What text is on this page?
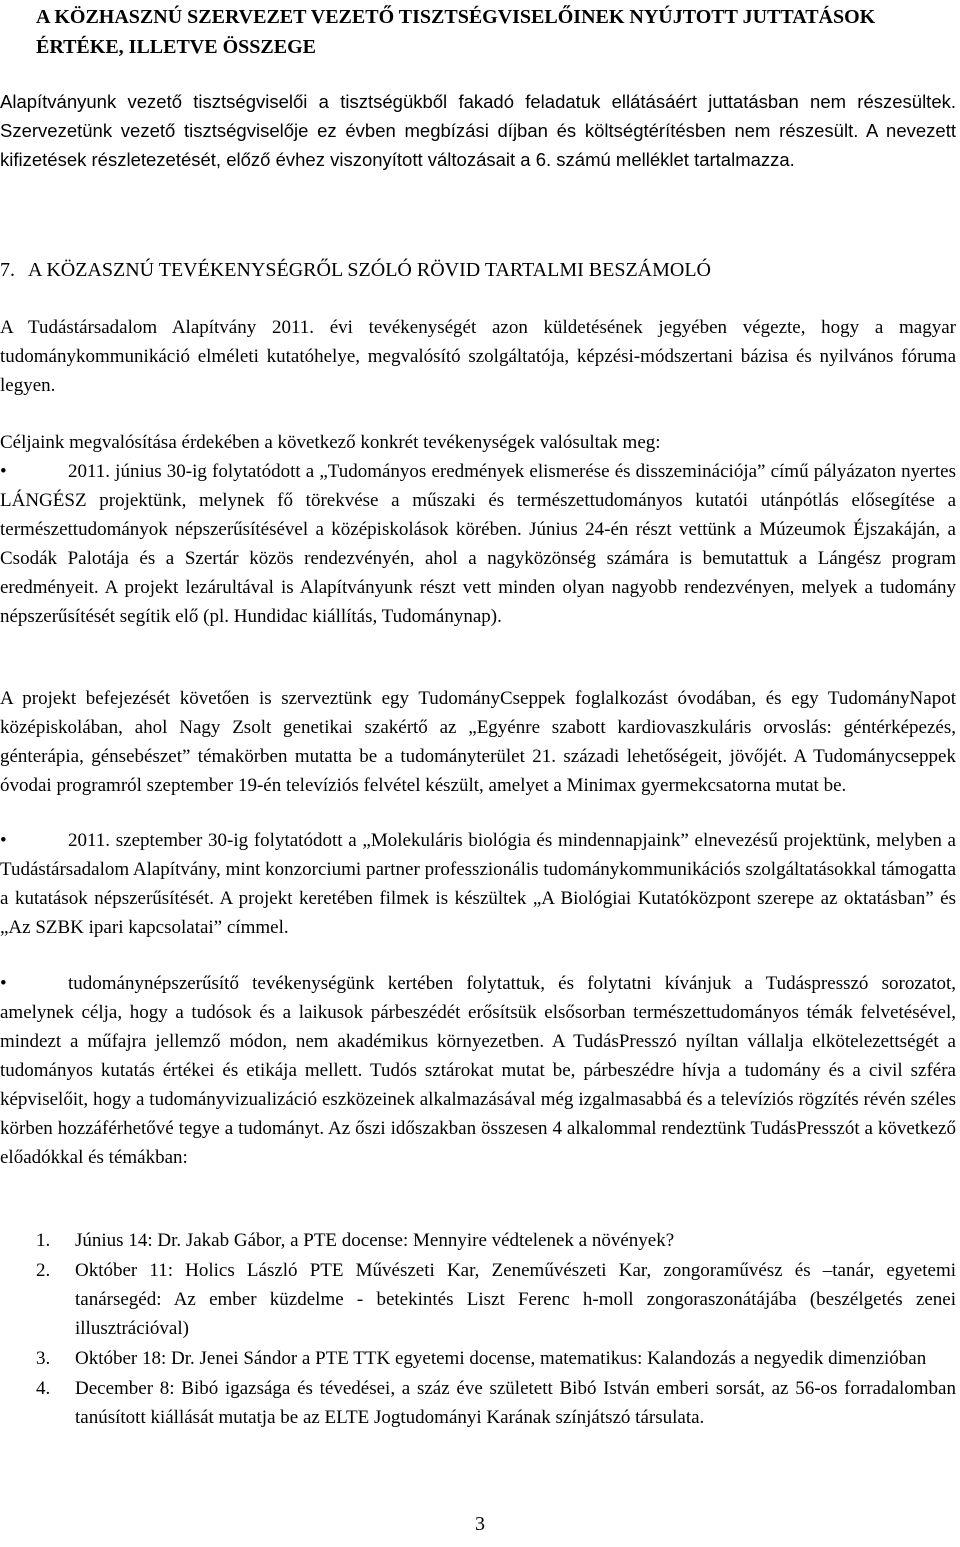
A KÖZHASZNÚ SZERVEZET VEZETŐ TISZTSÉGVISELŐINEK NYÚJTOTT JUTTATÁSOK ÉRTÉKE, ILLETVE ÖSSZEGE

Alapítványunk vezető tisztségviselői a tisztségükből fakadó feladatuk ellátásáért juttatásban nem részesültek. Szervezetünk vezető tisztségviselője ez évben megbízási díjban és költségtérítésben nem részesült. A nevezett kifizetések részletezetését, előző évhez viszonyított változásait a 6. számú melléklet tartalmazza.

7. A KÖZASZNÚ TEVÉKENYSÉGRŐL SZÓLÓ RÖVID TARTALMI BESZÁMOLÓ

A Tudástársadalom Alapítvány 2011. évi tevékenységét azon küldetésének jegyében végezte, hogy a magyar tudománykommunikáció elméleti kutatóhelye, megvalósító szolgáltatója, képzési-módszertani bázisa és nyilvános fóruma legyen.

Céljaink megvalósítása érdekében a következő konkrét tevékenységek valósultak meg:

•	2011. június 30-ig folytatódott a „Tudományos eredmények elismerése és disszeminációja” című pályázaton nyertes LÁNGÉSZ projektünk, melynek fő törekvése a műszaki és természettudományos kutatói utánpótlás elősegítése a természettudományok népszerűsítésével a középiskolások körében. Június 24-én részt vettünk a Múzeumok Éjszakáján, a Csodák Palotája és a Szertár közös rendezvényén, ahol a nagyközönség számára is bemutattuk a Lángész program eredményeit. A projekt lezárultával is Alapítványunk részt vett minden olyan nagyobb rendezvényen, melyek a tudomány népszerűsítését segítik elő (pl. Hundidac kiállítás, Tudománynap).

A projekt befejezését követően is szerveztünk egy TudományCseppek foglalkozást óvodában, és egy TudományNapot középiskolában, ahol Nagy Zsolt genetikai szakértő az „Egyénre szabott kardiovaszkuláris orvoslás: géntérképezés, génterápia, génsebészet” témakörben mutatta be a tudományterület 21. századi lehetőségeit, jövőjét. A Tudománycseppek óvodai programról szeptember 19-én televíziós felvétel készült, amelyet a Minimax gyermekcsatorna mutat be.

•	2011. szeptember 30-ig folytatódott a „Molekuláris biológia és mindennapjaink” elnevezésű projektünk, melyben a Tudástársadalom Alapítvány, mint konzorciumi partner professzionális tudománykommunikációs szolgáltatásokkal támogatta a kutatások népszerűsítését. A projekt keretében filmek is készültek „A Biológiai Kutatóközpont szerepe az oktatásban” és „Az SZBK ipari kapcsolatai” címmel.

•	tudománynépszerűsítő tevékenységünk kertében folytattuk, és folytatni kívánjuk a Tudáspresszó sorozatot, amelynek célja, hogy a tudósok és a laikusok párbeszédét erősítsük elsősorban természettudományos témák felvetésével, mindezt a műfajra jellemző módon, nem akadémikus környezetben. A TudásPresszó nyíltan vállalja elkötelezettségét a tudományos kutatás értékei és etikája mellett. Tudós sztárokat mutat be, párbeszédre hívja a tudomány és a civil szféra képviselőit, hogy a tudományvizualizáció eszközeinek alkalmazásával még izgalmasabbá és a televíziós rögzítés révén széles körben hozzáférhetővé tegye a tudományt. Az őszi időszakban összesen 4 alkalommal rendeztünk TudásPresszót a következő előadókkal és témákban:

1. Június 14: Dr. Jakab Gábor, a PTE docense: Mennyire védtelenek a növények?
2. Október 11: Holics László PTE Művészeti Kar, Zeneművészeti Kar, zongoraművész és –tanár, egyetemi tanársegéd: Az ember küzdelme - betekintés Liszt Ferenc h-moll zongoraszonátájába (beszélgetés zenei illusztrációval)
3. Október 18: Dr. Jenei Sándor a PTE TTK egyetemi docense, matematikus: Kalandozás a negyedik dimenzióban
4. December 8: Bibó igazsága és tévedései, a száz éve született Bibó István emberi sorsát, az 56-os forradalomban tanúsított kiállását mutatja be az ELTE Jogtudományi Karának színjátszó társulata.
3
